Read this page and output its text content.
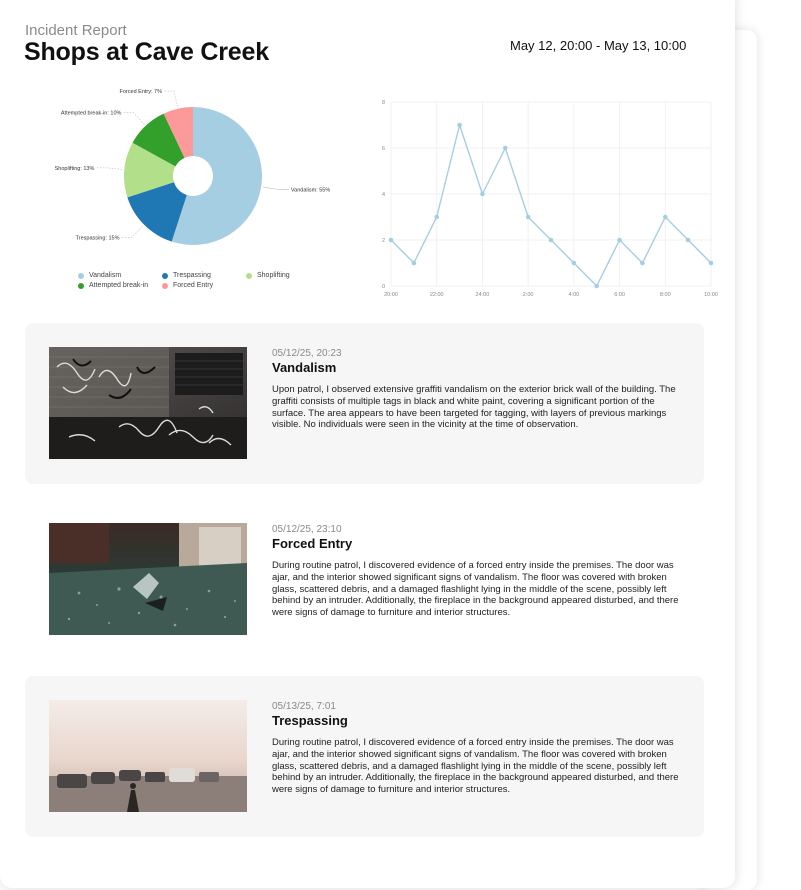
Incident Report
Shops at Cave Creek	May 12, 20:00 - May 13, 10:00
Vandalism: 55%
Trespassing: 15%
Shoplifting: 13%
Attempted break-in: 10%
Forced Entry: 7%
Vandalism	Trespassing	Shoplifting
Attempted break-in	Forced Entry	0
2
4
6
8
20:00	22:00	24:00	2:00	4:00	6:00	8:00	10:00
05/12/25, 20:23
Vandalism
Upon patrol, I observed extensive graffiti vandalism on the exterior brick wall of the building. The graffiti consists of multiple tags in black and white paint, covering a significant portion of the surface. The area appears to have been targeted for tagging, with layers of previous markings visible. No individuals were seen in the vicinity at the time of observation.
05/12/25, 23:10
Forced Entry
During routine patrol, I discovered evidence of a forced entry inside the premises. The door was ajar, and the interior showed significant signs of vandalism. The floor was covered with broken glass, scattered debris, and a damaged flashlight lying in the middle of the scene, possibly left behind by an intruder. Additionally, the fireplace in the background appeared disturbed, and there were signs of damage to furniture and interior structures.
05/13/25, 7:01
Trespassing
During routine patrol, I discovered evidence of a forced entry inside the premises. The door was ajar, and the interior showed significant signs of vandalism. The floor was covered with broken glass, scattered debris, and a damaged flashlight lying in the middle of the scene, possibly left behind by an intruder. Additionally, the fireplace in the background appeared disturbed, and there were signs of damage to furniture and interior structures.
